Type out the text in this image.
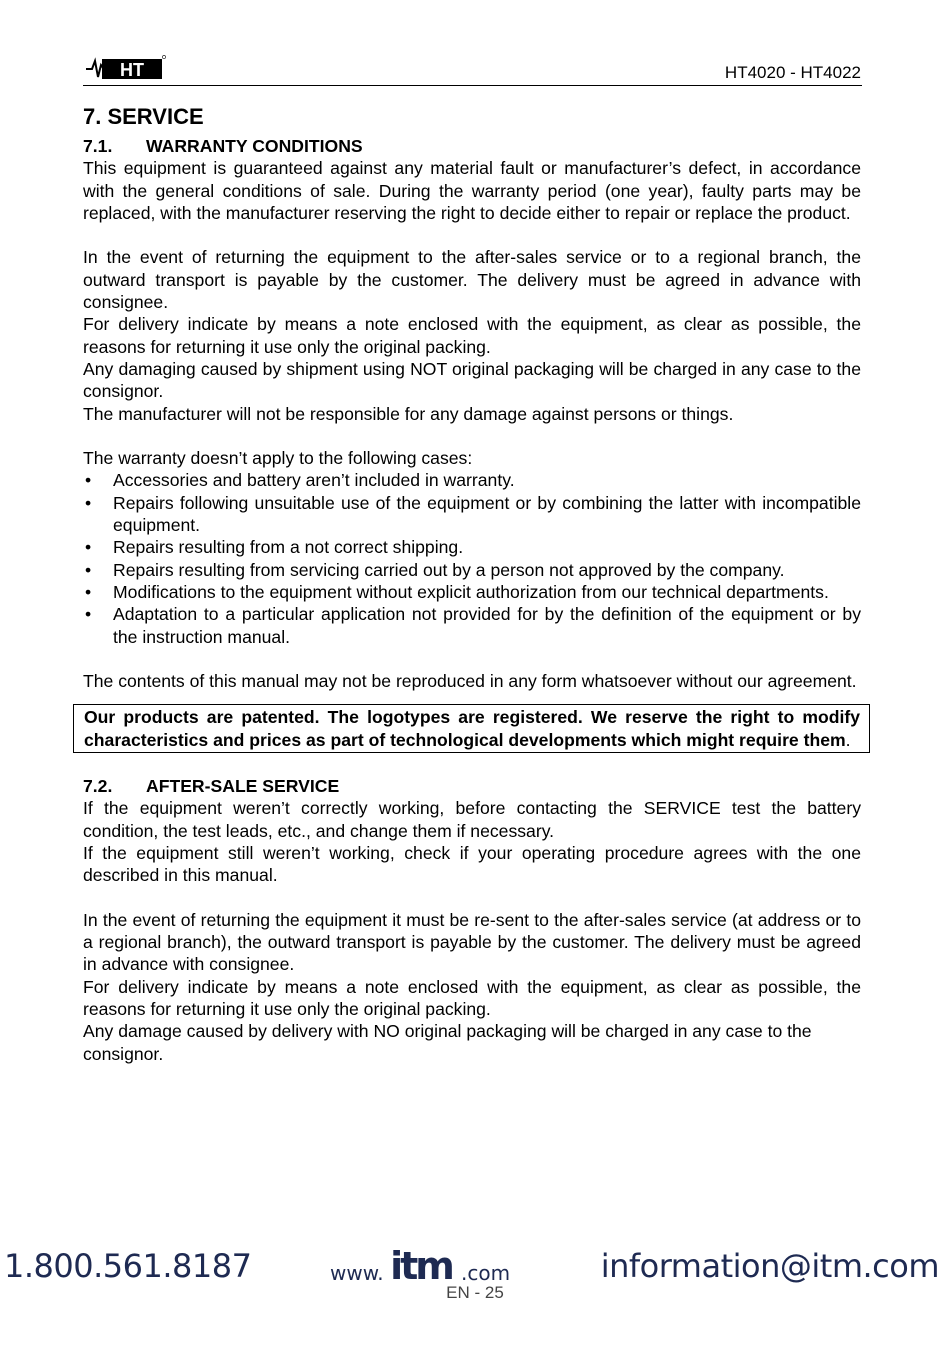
HT	HT4020 - HT4022
7. SERVICE
7.1. WARRANTY CONDITIONS

This equipment is guaranteed against any material fault or manufacturer’s defect, in accordance with the general conditions of sale. During the warranty period (one year), faulty parts may be replaced, with the manufacturer reserving the right to decide either to repair or replace the product.

In the event of returning the equipment to the after-sales service or to a regional branch, the outward transport is payable by the customer. The delivery must be agreed in advance with consignee.

For delivery indicate by means a note enclosed with the equipment, as clear as possible, the reasons for returning it use only the original packing.

Any damaging caused by shipment using NOT original packaging will be charged in any case to the consignor.

The manufacturer will not be responsible for any damage against persons or things.

The warranty doesn’t apply to the following cases:

• Accessories and battery aren’t included in warranty.
• Repairs following unsuitable use of the equipment or by combining the latter with incompatible equipment.
• Repairs resulting from a not correct shipping.
• Repairs resulting from servicing carried out by a person not approved by the company.
• Modifications to the equipment without explicit authorization from our technical departments.
• Adaptation to a particular application not provided for by the definition of the equipment or by the instruction manual.

The contents of this manual may not be reproduced in any form whatsoever without our agreement.

Our products are patented. The logotypes are registered. We reserve the right to modify characteristics and prices as part of technological developments which might require them.
7.2. AFTER-SALE SERVICE

If the equipment weren’t correctly working, before contacting the SERVICE test the battery condition, the test leads, etc., and change them if necessary.

If the equipment still weren’t working, check if your operating procedure agrees with the one described in this manual.

In the event of returning the equipment it must be re-sent to the after-sales service (at address or to a regional branch), the outward transport is payable by the customer. The delivery must be agreed in advance with consignee.

For delivery indicate by means a note enclosed with the equipment, as clear as possible, the reasons for returning it use only the original packing.

Any damage caused by delivery with NO original packaging will be charged in any case to the consignor.

1.800.561.8187	www. itm .com	information@itm.com
EN - 25
